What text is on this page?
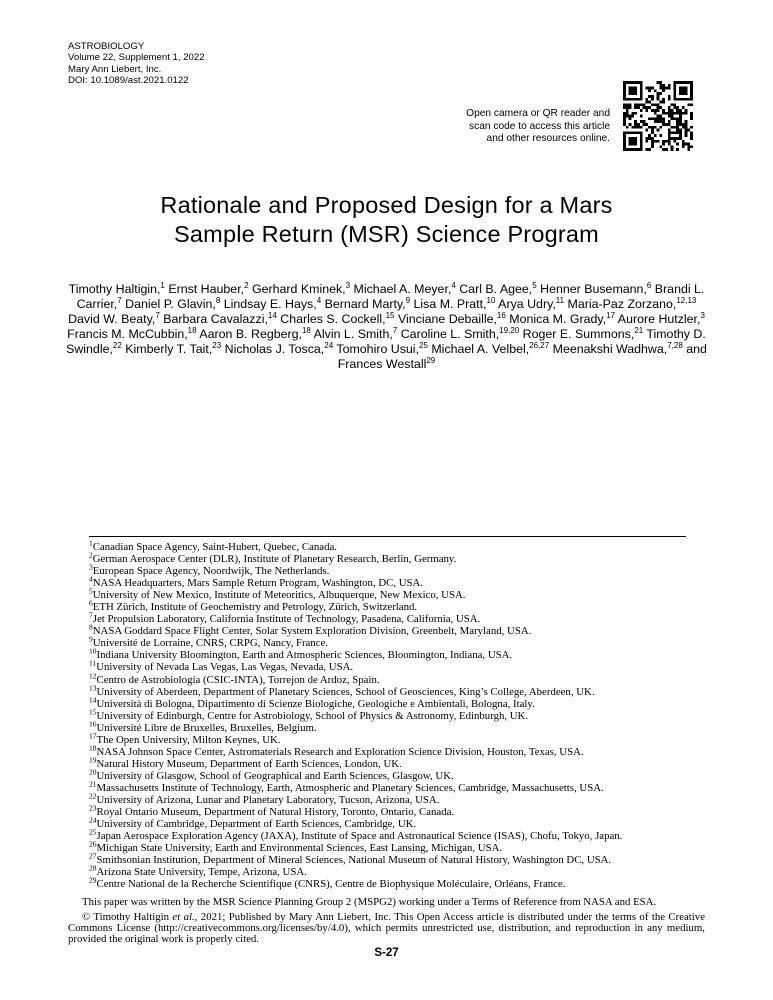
ASTROBIOLOGY
Volume 22, Supplement 1, 2022
Mary Ann Liebert, Inc.
DOI: 10.1089/ast.2021.0122
Open camera or QR reader and
scan code to access this article
and other resources online.
Rationale and Proposed Design for a Mars
Sample Return (MSR) Science Program

Timothy Haltigin,$^1$ Ernst Hauber,$^2$ Gerhard Kminek,$^3$ Michael A. Meyer,$^4$ Carl B. Agee,$^5$ Henner Busemann,$^6$ Brandi L. Carrier,$^7$ Daniel P. Glavin,$^8$ Lindsay E. Hays,$^4$ Bernard Marty,$^9$ Lisa M. Pratt,$^{10}$ Arya Udry,$^{11}$ Maria-Paz Zorzano,$^{12,13}$ David W. Beaty,$^7$ Barbara Cavalazzi,$^{14}$ Charles S. Cockell,$^{15}$ Vinciane Debaille,$^{16}$ Monica M. Grady,$^{17}$ Aurore Hutzler,$^3$ Francis M. McCubbin,$^{18}$ Aaron B. Regberg,$^{18}$ Alvin L. Smith,$^7$ Caroline L. Smith,$^{19,20}$ Roger E. Summons,$^{21}$ Timothy D. Swindle,$^{22}$ Kimberly T. Tait,$^{23}$ Nicholas J. Tosca,$^{24}$ Tomohiro Usui,$^{25}$ Michael A. Velbel,$^{26,27}$ Meenakshi Wadhwa,$^{7,28}$ and Frances Westall$^{29}$

$^1$Canadian Space Agency, Saint-Hubert, Quebec, Canada.
$^2$German Aerospace Center (DLR), Institute of Planetary Research, Berlin, Germany.
$^3$European Space Agency, Noordwijk, The Netherlands.
$^4$NASA Headquarters, Mars Sample Return Program, Washington, DC, USA.
$^5$University of New Mexico, Institute of Meteoritics, Albuquerque, New Mexico, USA.
$^6$ETH Zürich, Institute of Geochemistry and Petrology, Zürich, Switzerland.
$^7$Jet Propulsion Laboratory, California Institute of Technology, Pasadena, California, USA.
$^8$NASA Goddard Space Flight Center, Solar System Exploration Division, Greenbelt, Maryland, USA.
$^9$Université de Lorraine, CNRS, CRPG, Nancy, France.
$^{10}$Indiana University Bloomington, Earth and Atmospheric Sciences, Bloomington, Indiana, USA.
$^{11}$University of Nevada Las Vegas, Las Vegas, Nevada, USA.
$^{12}$Centro de Astrobiología (CSIC-INTA), Torrejon de Ardoz, Spain.
$^{13}$University of Aberdeen, Department of Planetary Sciences, School of Geosciences, King’s College, Aberdeen, UK.
$^{14}$Università di Bologna, Dipartimento di Scienze Biologiche, Geologiche e Ambientali, Bologna, Italy.
$^{15}$University of Edinburgh, Centre for Astrobiology, School of Physics & Astronomy, Edinburgh, UK.
$^{16}$Université Libre de Bruxelles, Bruxelles, Belgium.
$^{17}$The Open University, Milton Keynes, UK.
$^{18}$NASA Johnson Space Center, Astromaterials Research and Exploration Science Division, Houston, Texas, USA.
$^{19}$Natural History Museum, Department of Earth Sciences, London, UK.
$^{20}$University of Glasgow, School of Geographical and Earth Sciences, Glasgow, UK.
$^{21}$Massachusetts Institute of Technology, Earth, Atmospheric and Planetary Sciences, Cambridge, Massachusetts, USA.
$^{22}$University of Arizona, Lunar and Planetary Laboratory, Tucson, Arizona, USA.
$^{23}$Royal Ontario Museum, Department of Natural History, Toronto, Ontario, Canada.
$^{24}$University of Cambridge, Department of Earth Sciences, Cambridge, UK.
$^{25}$Japan Aerospace Exploration Agency (JAXA), Institute of Space and Astronautical Science (ISAS), Chofu, Tokyo, Japan.
$^{26}$Michigan State University, Earth and Environmental Sciences, East Lansing, Michigan, USA.
$^{27}$Smithsonian Institution, Department of Mineral Sciences, National Museum of Natural History, Washington DC, USA.
$^{28}$Arizona State University, Tempe, Arizona, USA.
$^{29}$Centre National de la Recherche Scientifique (CNRS), Centre de Biophysique Moléculaire, Orléans, France.

This paper was written by the MSR Science Planning Group 2 (MSPG2) working under a Terms of Reference from NASA and ESA.

© Timothy Haltigin et al., 2021; Published by Mary Ann Liebert, Inc. This Open Access article is distributed under the terms of the Creative Commons License (http://creativecommons.org/licenses/by/4.0), which permits unrestricted use, distribution, and reproduction in any medium, provided the original work is properly cited.

S-27
